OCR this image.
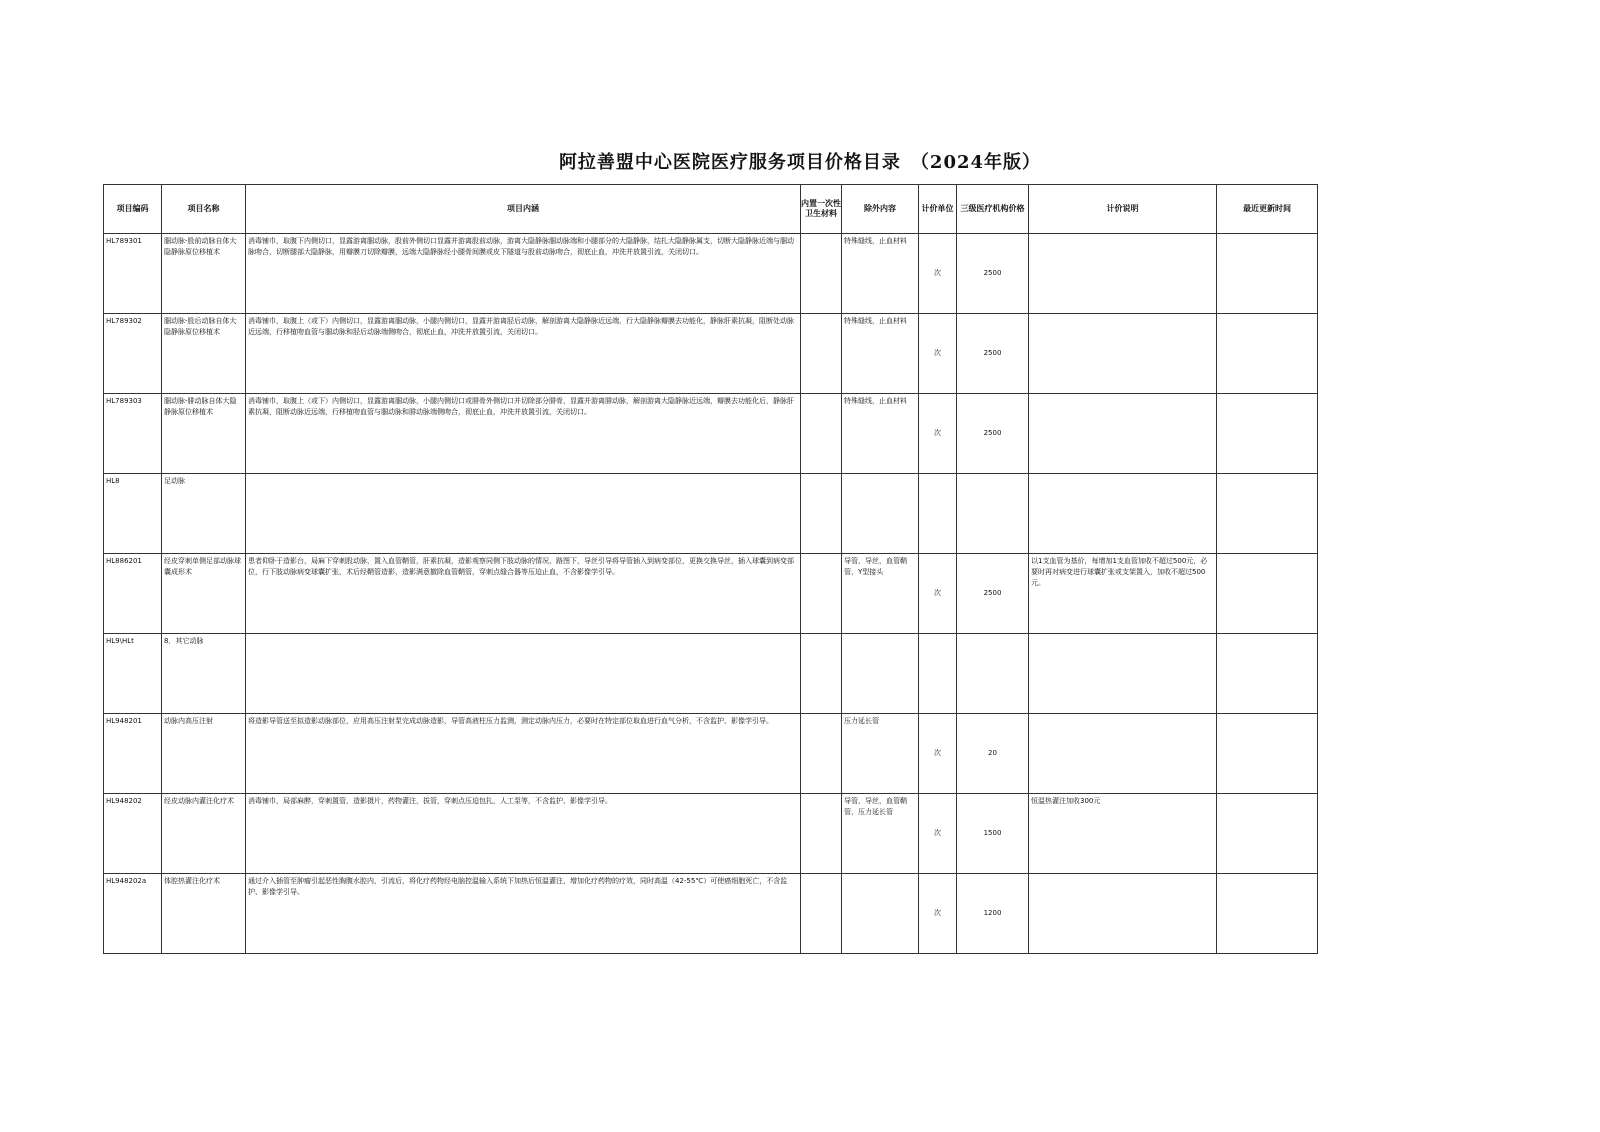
阿拉善盟中心医院医疗服务项目价格目录　（2024年版）
项目编码	项目名称	项目内涵	内置一次性卫生材料	除外内容	计价单位	三级医疗机构价格	计价说明	最近更新时间
HL789301	腘动脉-股前动脉自体大隐静脉原位移植术	消毒铺巾，取腹下内侧切口，显露游离腘动脉，股前外侧切口显露并游离股前动脉，游离大隐静脉腘动脉端和小腿部分的大隐静脉，结扎大隐静脉属支，切断大隐静脉近端与腘动脉吻合，切断腿部大隐静脉，用瓣膜刀切除瓣膜，远端大隐静脉经小腿骨间膜或皮下隧道与股前动脉吻合，彻底止血，冲洗并放置引流，关闭切口。		特殊缝线，止血材料	次	2500		
HL789302	腘动脉-股后动脉自体大隐静脉原位移植术	消毒铺巾，取腹上（或下）内侧切口，显露游离腘动脉，小腿内侧切口，显露并游离胫后动脉，解剖游离大隐静脉近远端，行大隐静脉瓣膜去功能化，静脉肝素抗凝，阻断处动脉近远端，行移植吻血管与腘动脉和胫后动脉端侧吻合，彻底止血，冲洗并放置引流，关闭切口。		特殊缝线，止血材料	次	2500		
HL789303	腘动脉-腓动脉自体大隐静脉原位移植术	消毒铺巾，取腹上（或下）内侧切口，显露游离腘动脉，小腿内侧切口或腓骨外侧切口并切除部分腓骨，显露并游离腓动脉，解剖游离大隐静脉近远端，瓣膜去功能化后，静脉肝素抗凝，阻断动脉近远端，行移植吻血管与腘动脉和腓动脉端侧吻合，彻底止血，冲洗并放置引流，关闭切口。		特殊缝线，止血材料	次	2500		
HL8	足动脉							
HL886201	经皮穿刺单侧足部动脉球囊成形术	患者仰卧于造影台，局麻下穿刺股动脉，置入血管鞘管，肝素抗凝，造影观察同侧下肢动脉的情况，路图下，导丝引导将导管插入到病变部位，更换交换导丝，插入球囊到病变部位，行下肢动脉病变球囊扩张，术后经鞘管造影，造影满意撤除血管鞘管，穿刺点缝合器等压迫止血，不含影像学引导。		导管，导丝，血管鞘管，Y型接头	次	2500	以1支血管为基价，每增加1支血管加收不超过500元，必要时再对病变进行球囊扩张或支架置入，加收不超过500元。	
HL9\HLt	8．其它动脉							
HL948201	动脉内高压注射	将造影导管送至拟造影动脉部位，应用高压注射泵完成动脉造影，导管高液柱压力监测，测定动脉内压力，必要时在特定部位取血进行血气分析，不含监护、影像学引导。		压力延长管	次	20		
HL948202	经皮动脉内灌注化疗术	消毒铺巾，局部麻醉，穿刺置管，造影摄片，药物灌注，拔管，穿刺点压迫包扎，人工泵等，不含监护、影像学引导。		导管，导丝，血管鞘管，压力延长管	次	1500	恒温热灌注加收300元	
HL948202a	体腔热灌注化疗术	通过介入插管至肿瘤引起恶性胸腹水腔内，引流后，将化疗药物经电脑控温输入系统下加热后恒温灌注，增加化疗药物的疗效，同时高温（42-55℃）可使癌细胞死亡，不含监护、影像学引导。			次	1200		
